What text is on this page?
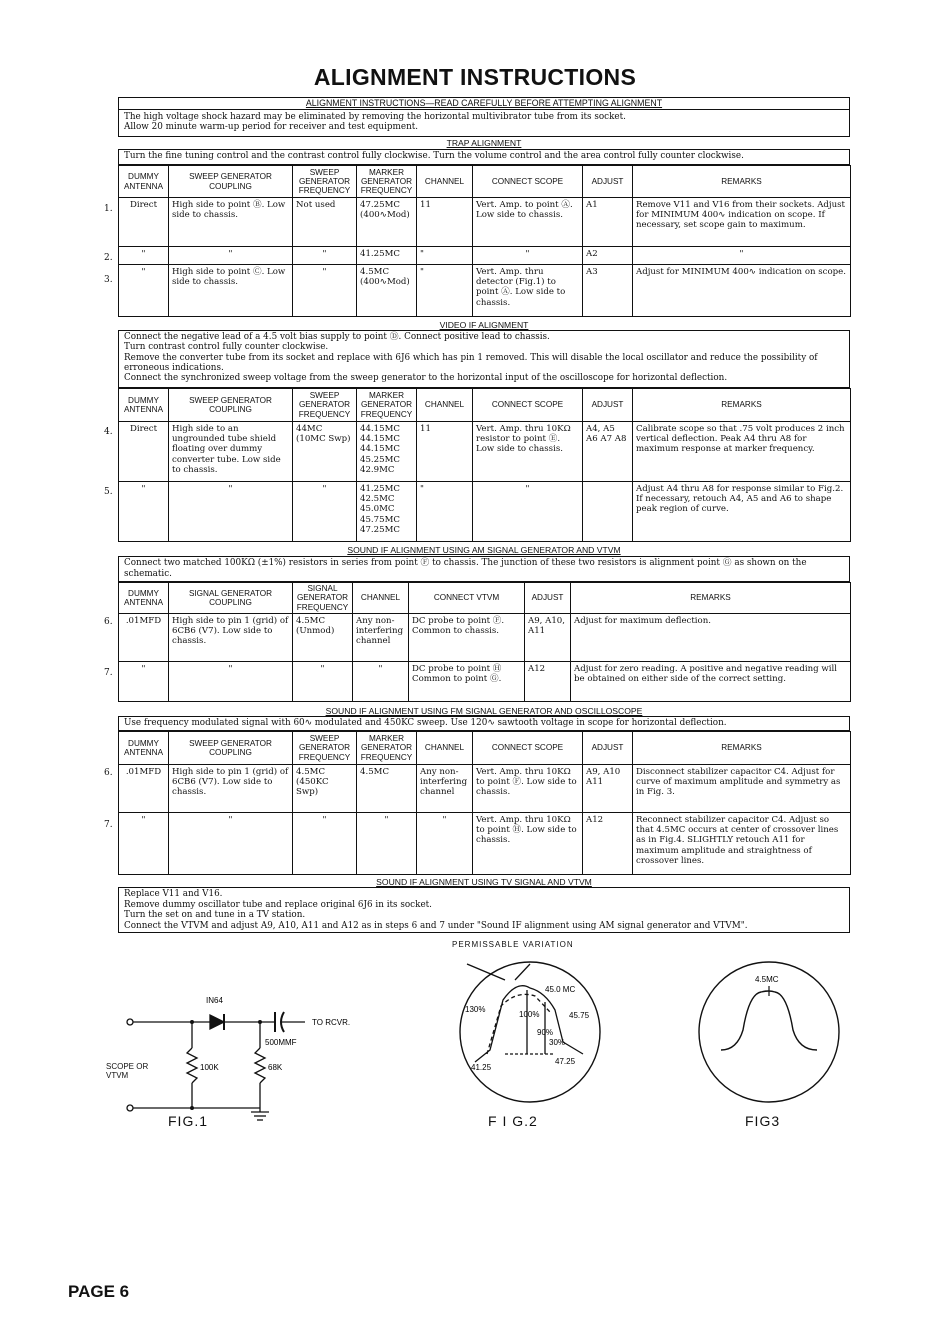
ALIGNMENT INSTRUCTIONS
ALIGNMENT INSTRUCTIONS—READ CAREFULLY BEFORE ATTEMPTING ALIGNMENT
The high voltage shock hazard may be eliminated by removing the horizontal multivibrator tube from its socket.
Allow 20 minute warm-up period for receiver and test equipment.
TRAP ALIGNMENT
Turn the fine tuning control and the contrast control fully clockwise. Turn the volume control and the area control fully counter clockwise.
DUMMY ANTENNA	SWEEP GENERATOR COUPLING	SWEEP GENERATOR FREQUENCY	MARKER GENERATOR FREQUENCY	CHANNEL	CONNECT SCOPE	ADJUST	REMARKS
Direct	High side to point Ⓑ. Low side to chassis.	Not used	47.25MC (400∿Mod)	11	Vert. Amp. to point Ⓐ. Low side to chassis.	A1	Remove V11 and V16 from their sockets. Adjust for MINIMUM 400∿ indication on scope. If necessary, set scope gain to maximum.
"	"	"	41.25MC	"	"	A2	"
"	High side to point Ⓒ. Low side to chassis.	"	4.5MC (400∿Mod)	"	Vert. Amp. thru detector (Fig.1) to point Ⓐ. Low side to chassis.	A3	Adjust for MINIMUM 400∿ indication on scope.
1.
2.
3.
VIDEO IF ALIGNMENT
Connect the negative lead of a 4.5 volt bias supply to point Ⓓ. Connect positive lead to chassis.
Turn contrast control fully counter clockwise.
Remove the converter tube from its socket and replace with 6J6 which has pin 1 removed. This will disable the local oscillator and reduce the possibility of erroneous indications.
Connect the synchronized sweep voltage from the sweep generator to the horizontal input of the oscilloscope for horizontal deflection.
DUMMY ANTENNA	SWEEP GENERATOR COUPLING	SWEEP GENERATOR FREQUENCY	MARKER GENERATOR FREQUENCY	CHANNEL	CONNECT SCOPE	ADJUST	REMARKS
Direct	High side to an ungrounded tube shield floating over dummy converter tube. Low side to chassis.	44MC (10MC Swp)	44.15MC 44.15MC 44.15MC 45.25MC 42.9MC	11	Vert. Amp. thru 10KΩ resistor to point Ⓔ. Low side to chassis.	A4, A5 A6 A7 A8	Calibrate scope so that .75 volt produces 2 inch vertical deflection. Peak A4 thru A8 for maximum response at marker frequency.
"	"	"	41.25MC 42.5MC 45.0MC 45.75MC 47.25MC	"	"		Adjust A4 thru A8 for response similar to Fig.2. If necessary, retouch A4, A5 and A6 to shape peak region of curve.
4.
5.
SOUND IF ALIGNMENT USING AM SIGNAL GENERATOR AND VTVM
Connect two matched 100KΩ (±1%) resistors in series from point Ⓕ to chassis. The junction of these two resistors is alignment point Ⓖ as shown on the schematic.
DUMMY ANTENNA	SIGNAL GENERATOR COUPLING	SIGNAL GENERATOR FREQUENCY	CHANNEL	CONNECT VTVM	ADJUST	REMARKS
.01MFD	High side to pin 1 (grid) of 6CB6 (V7). Low side to chassis.	4.5MC (Unmod)	Any non-interfering channel	DC probe to point Ⓕ. Common to chassis.	A9, A10, A11	Adjust for maximum deflection.
"	"	"	"	DC probe to point Ⓗ Common to point Ⓖ.	A12	Adjust for zero reading. A positive and negative reading will be obtained on either side of the correct setting.
6.
7.
SOUND IF ALIGNMENT USING FM SIGNAL GENERATOR AND OSCILLOSCOPE
Use frequency modulated signal with 60∿ modulated and 450KC sweep. Use 120∿ sawtooth voltage in scope for horizontal deflection.
DUMMY ANTENNA	SWEEP GENERATOR COUPLING	SWEEP GENERATOR FREQUENCY	MARKER GENERATOR FREQUENCY	CHANNEL	CONNECT SCOPE	ADJUST	REMARKS
.01MFD	High side to pin 1 (grid) of 6CB6 (V7). Low side to chassis.	4.5MC (450KC Swp)	4.5MC	Any non-interfering channel	Vert. Amp. thru 10KΩ to point Ⓕ. Low side to chassis.	A9, A10 A11	Disconnect stabilizer capacitor C4. Adjust for curve of maximum amplitude and symmetry as in Fig. 3.
"	"	"	"	"	Vert. Amp. thru 10KΩ to point Ⓗ. Low side to chassis.	A12	Reconnect stabilizer capacitor C4. Adjust so that 4.5MC occurs at center of crossover lines as in Fig.4. SLIGHTLY retouch A11 for maximum amplitude and straightness of crossover lines.
6.
7.
SOUND IF ALIGNMENT USING TV SIGNAL AND VTVM
Replace V11 and V16.
Remove dummy oscillator tube and replace original 6J6 in its socket.
Turn the set on and tune in a TV station.
Connect the VTVM and adjust A9, A10, A11 and A12 as in steps 6 and 7 under "Sound IF alignment using AM signal generator and VTVM".
IN64
TO RCVR.
500MMF
100K	68K
SCOPE OR VTVM
FIG.1
PERMISSABLE VARIATION
130%
100%
90%
30%
45.0 MC
45.75
41.25
47.25
F I G.2
4.5MC
FIG3
PAGE 6
